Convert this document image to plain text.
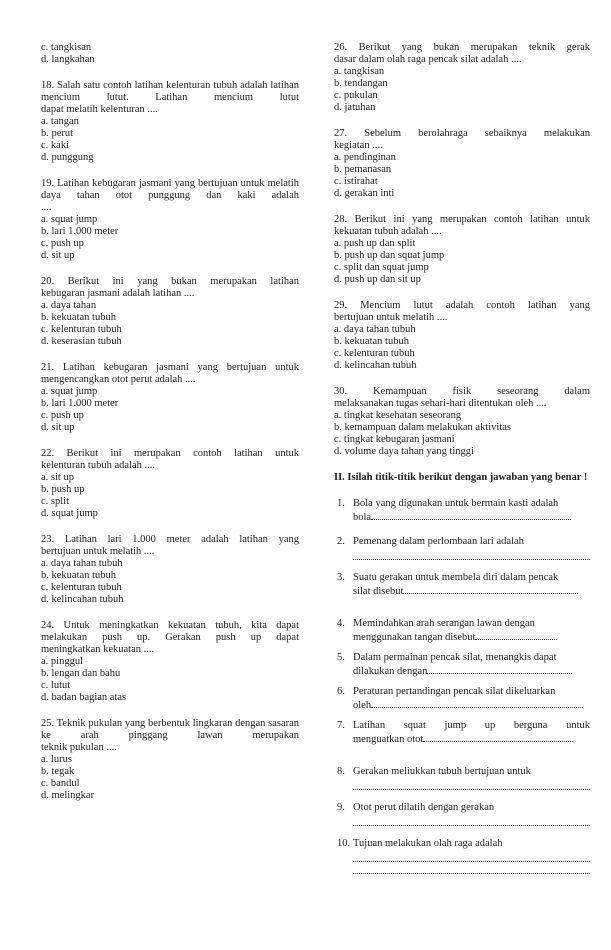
c. tangkisan
d. langkahan
18. Salah satu contoh latihan kelenturan tubuh adalah latihan mencium lutut. Latihan mencium lutut
dapat melatih kelenturan ....
a. tangan
b. perut
c. kaki
d. punggung
19. Latihan kebugaran jasmani yang bertujuan untuk melatih daya tahan otot punggung dan kaki adalah
....
a. squat jump
b. lari 1.000 meter
c. push up
d. sit up
20. Berikut ini yang bukan merupakan latihan
kebugaran jasmani adalah latihan ....
a. daya tahan
b. kekuatan tubuh
c. kelenturan tubuh
d. keserasian tubuh
21. Latihan kebugaran jasmani yang bertujuan untuk
mengencangkan otot perut adalah ....
a. squat jump
b. lari 1.000 meter
c. push up
d. sit up
22. Berikut ini merupakan contoh latihan untuk
kelenturan tubuh adalah ....
a. sit up
b. push up
c. split
d. squat jump
23. Latihan lari 1.000 meter adalah latihan yang
bertujuan untuk melatih ....
a. daya tahan tubuh
b. kekuatan tubuh
c. kelenturan tubuh
d. kelincahan tubuh
24. Untuk meningkatkan kekuatan tubuh, kita dapat melakukan push up. Gerakan push up dapat
meningkatkan kekuatan ....
a. pinggul
b. lengan dan bahu
c. lutut
d. badan bagian atas
25. Teknik pukulan yang berbentuk lingkaran dengan sasaran ke arah pinggang lawan merupakan
teknik pukulan ....
a. lurus
b. tegak
c. bandul
d. melingkar
26. Berikut yang bukan merupakan teknik gerak
dasar dalam olah raga pencak silat adalah ....
a. tangkisan
b. tendangan
c. pukulan
d. jatuhan
27. Sebelum berolahraga sebaiknya melakukan
kegiatan ....
a. pendinginan
b. pemanasan
c. istirahat
d. gerakan inti
28. Berikut ini yang merupakan contoh latihan untuk
kekuatan tubuh adalah ....
a. push up dan split
b. push up dan squat jump
c. split dan squat jump
d. push up dan sit up
29. Mencium lutut adalah contoh latihan yang
bertujuan untuk melatih ....
a. daya tahan tubuh
b. kekuatan tubuh
c. kelenturan tubuh
d. kelincahan tubuh
30. Kemampuan fisik seseorang dalam
melaksanakan tugas sehari-hari ditentukan oleh ....
a. tingkat kesehatan seseorang
b. kemampuan dalam melakukan aktivitas
c. tingkat kebugaran jasmani
d. volume daya tahan yang tinggi
II. Isilah titik-titik berikut dengan jawaban yang benar !
1. Bola yang digunakan untuk bermain kasti adalah
bola
2. Pemenang dalam perlombaan lari adalah
3. Suatu gerakan untuk membela diri dalam pencak
silat disebut
4. Memindahkan arah serangan lawan dengan
menggunakan tangan disebut
5. Dalam permainan pencak silat, menangkis dapat
dilakukan dengan
6. Peraturan pertandingan pencak silat dikeluarkan
oleh
7. Latihan squat jump up berguna untuk
menguatkan otot
8. Gerakan meliukkan tubuh bertujuan untuk
9. Otot perut dilatih dengan gerakan
10. Tujuan melakukan olah raga adalah
